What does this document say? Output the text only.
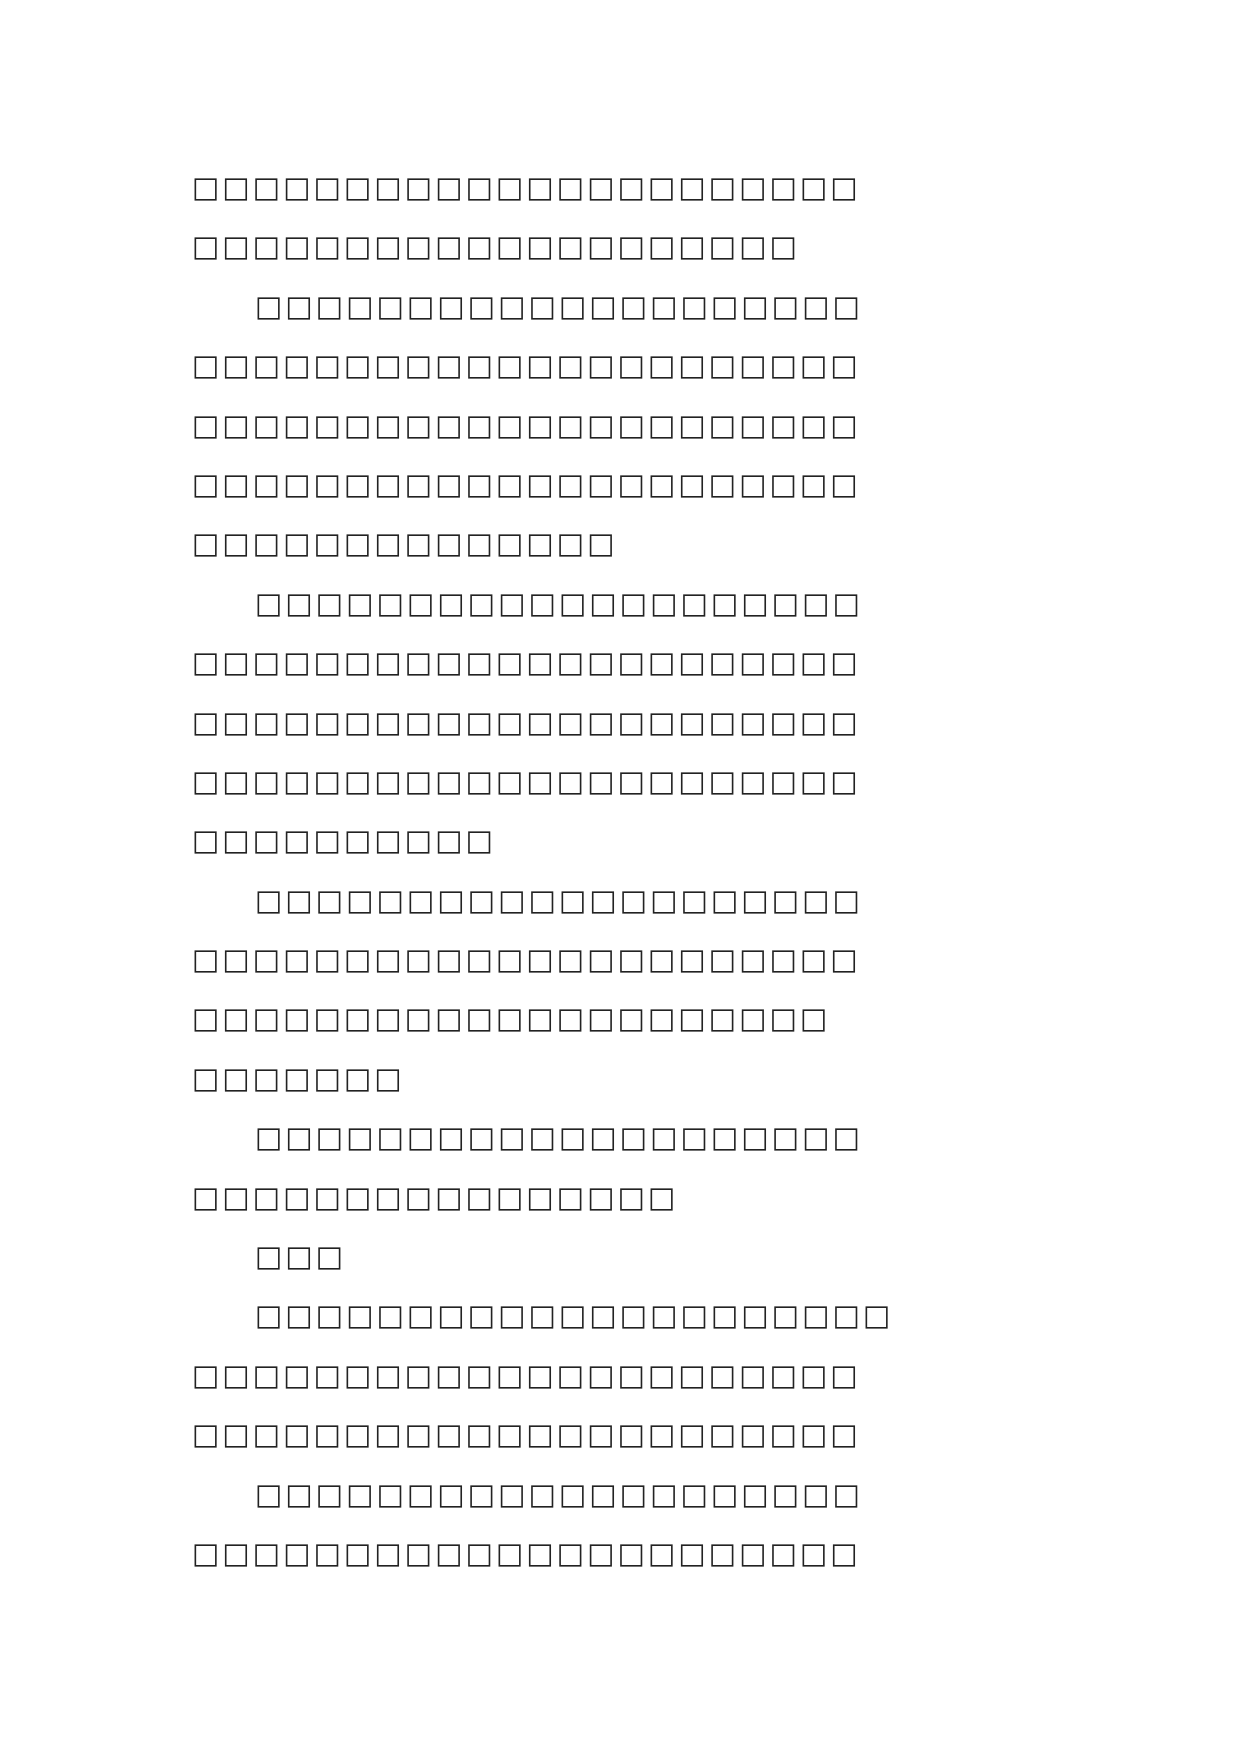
□□□□□□□□□□□□□□□□□□□□□□
□□□□□□□□□□□□□□□□□□□□
□□□□□□□□□□□□□□□□□□□□
□□□□□□□□□□□□□□□□□□□□□□
□□□□□□□□□□□□□□□□□□□□□□
□□□□□□□□□□□□□□□□□□□□□□
□□□□□□□□□□□□□□
□□□□□□□□□□□□□□□□□□□□
□□□□□□□□□□□□□□□□□□□□□□
□□□□□□□□□□□□□□□□□□□□□□
□□□□□□□□□□□□□□□□□□□□□□
□□□□□□□□□□
□□□□□□□□□□□□□□□□□□□□
□□□□□□□□□□□□□□□□□□□□□□
□□□□□□□□□□□□□□□□□□□□□
□□□□□□□
□□□□□□□□□□□□□□□□□□□□
□□□□□□□□□□□□□□□□
□□□
□□□□□□□□□□□□□□□□□□□□□
□□□□□□□□□□□□□□□□□□□□□□
□□□□□□□□□□□□□□□□□□□□□□
□□□□□□□□□□□□□□□□□□□□
□□□□□□□□□□□□□□□□□□□□□□
